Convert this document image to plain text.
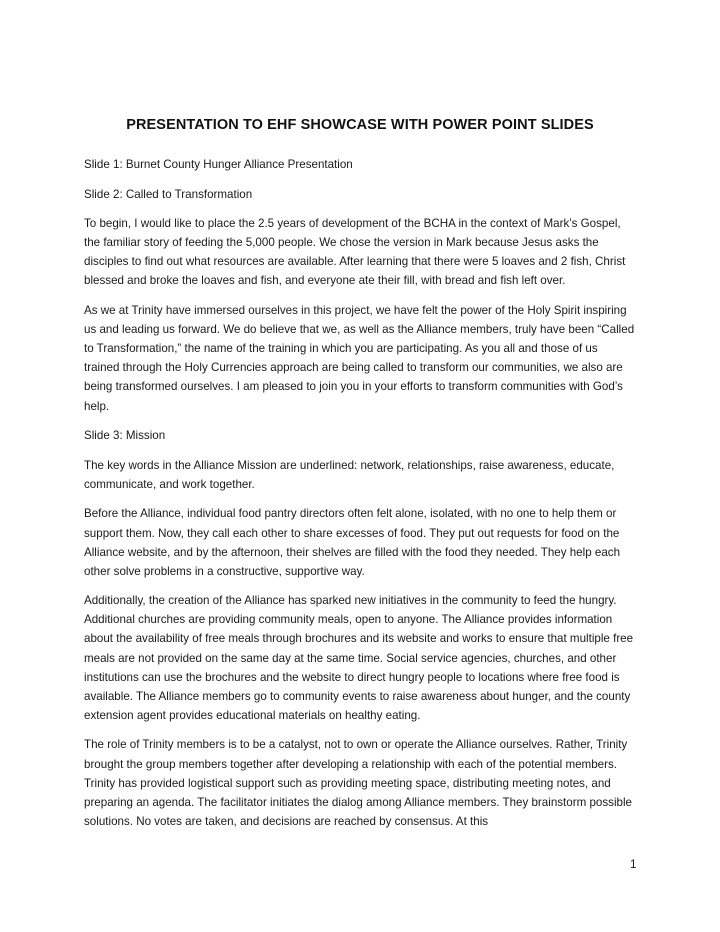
PRESENTATION TO EHF SHOWCASE WITH POWER POINT SLIDES

Slide 1: Burnet County Hunger Alliance Presentation

Slide 2: Called to Transformation

To begin, I would like to place the 2.5 years of development of the BCHA in the context of Mark’s Gospel, the familiar story of feeding the 5,000 people. We chose the version in Mark because Jesus asks the disciples to find out what resources are available. After learning that there were 5 loaves and 2 fish, Christ blessed and broke the loaves and fish, and everyone ate their fill, with bread and fish left over.

As we at Trinity have immersed ourselves in this project, we have felt the power of the Holy Spirit inspiring us and leading us forward. We do believe that we, as well as the Alliance members, truly have been “Called to Transformation,” the name of the training in which you are participating. As you all and those of us trained through the Holy Currencies approach are being called to transform our communities, we also are being transformed ourselves. I am pleased to join you in your efforts to transform communities with God’s help.

Slide 3: Mission

The key words in the Alliance Mission are underlined: network, relationships, raise awareness, educate, communicate, and work together.

Before the Alliance, individual food pantry directors often felt alone, isolated, with no one to help them or support them. Now, they call each other to share excesses of food. They put out requests for food on the Alliance website, and by the afternoon, their shelves are filled with the food they needed. They help each other solve problems in a constructive, supportive way.

Additionally, the creation of the Alliance has sparked new initiatives in the community to feed the hungry. Additional churches are providing community meals, open to anyone. The Alliance provides information about the availability of free meals through brochures and its website and works to ensure that multiple free meals are not provided on the same day at the same time. Social service agencies, churches, and other institutions can use the brochures and the website to direct hungry people to locations where free food is available. The Alliance members go to community events to raise awareness about hunger, and the county extension agent provides educational materials on healthy eating.

The role of Trinity members is to be a catalyst, not to own or operate the Alliance ourselves. Rather, Trinity brought the group members together after developing a relationship with each of the potential members. Trinity has provided logistical support such as providing meeting space, distributing meeting notes, and preparing an agenda. The facilitator initiates the dialog among Alliance members. They brainstorm possible solutions. No votes are taken, and decisions are reached by consensus. At this

1
